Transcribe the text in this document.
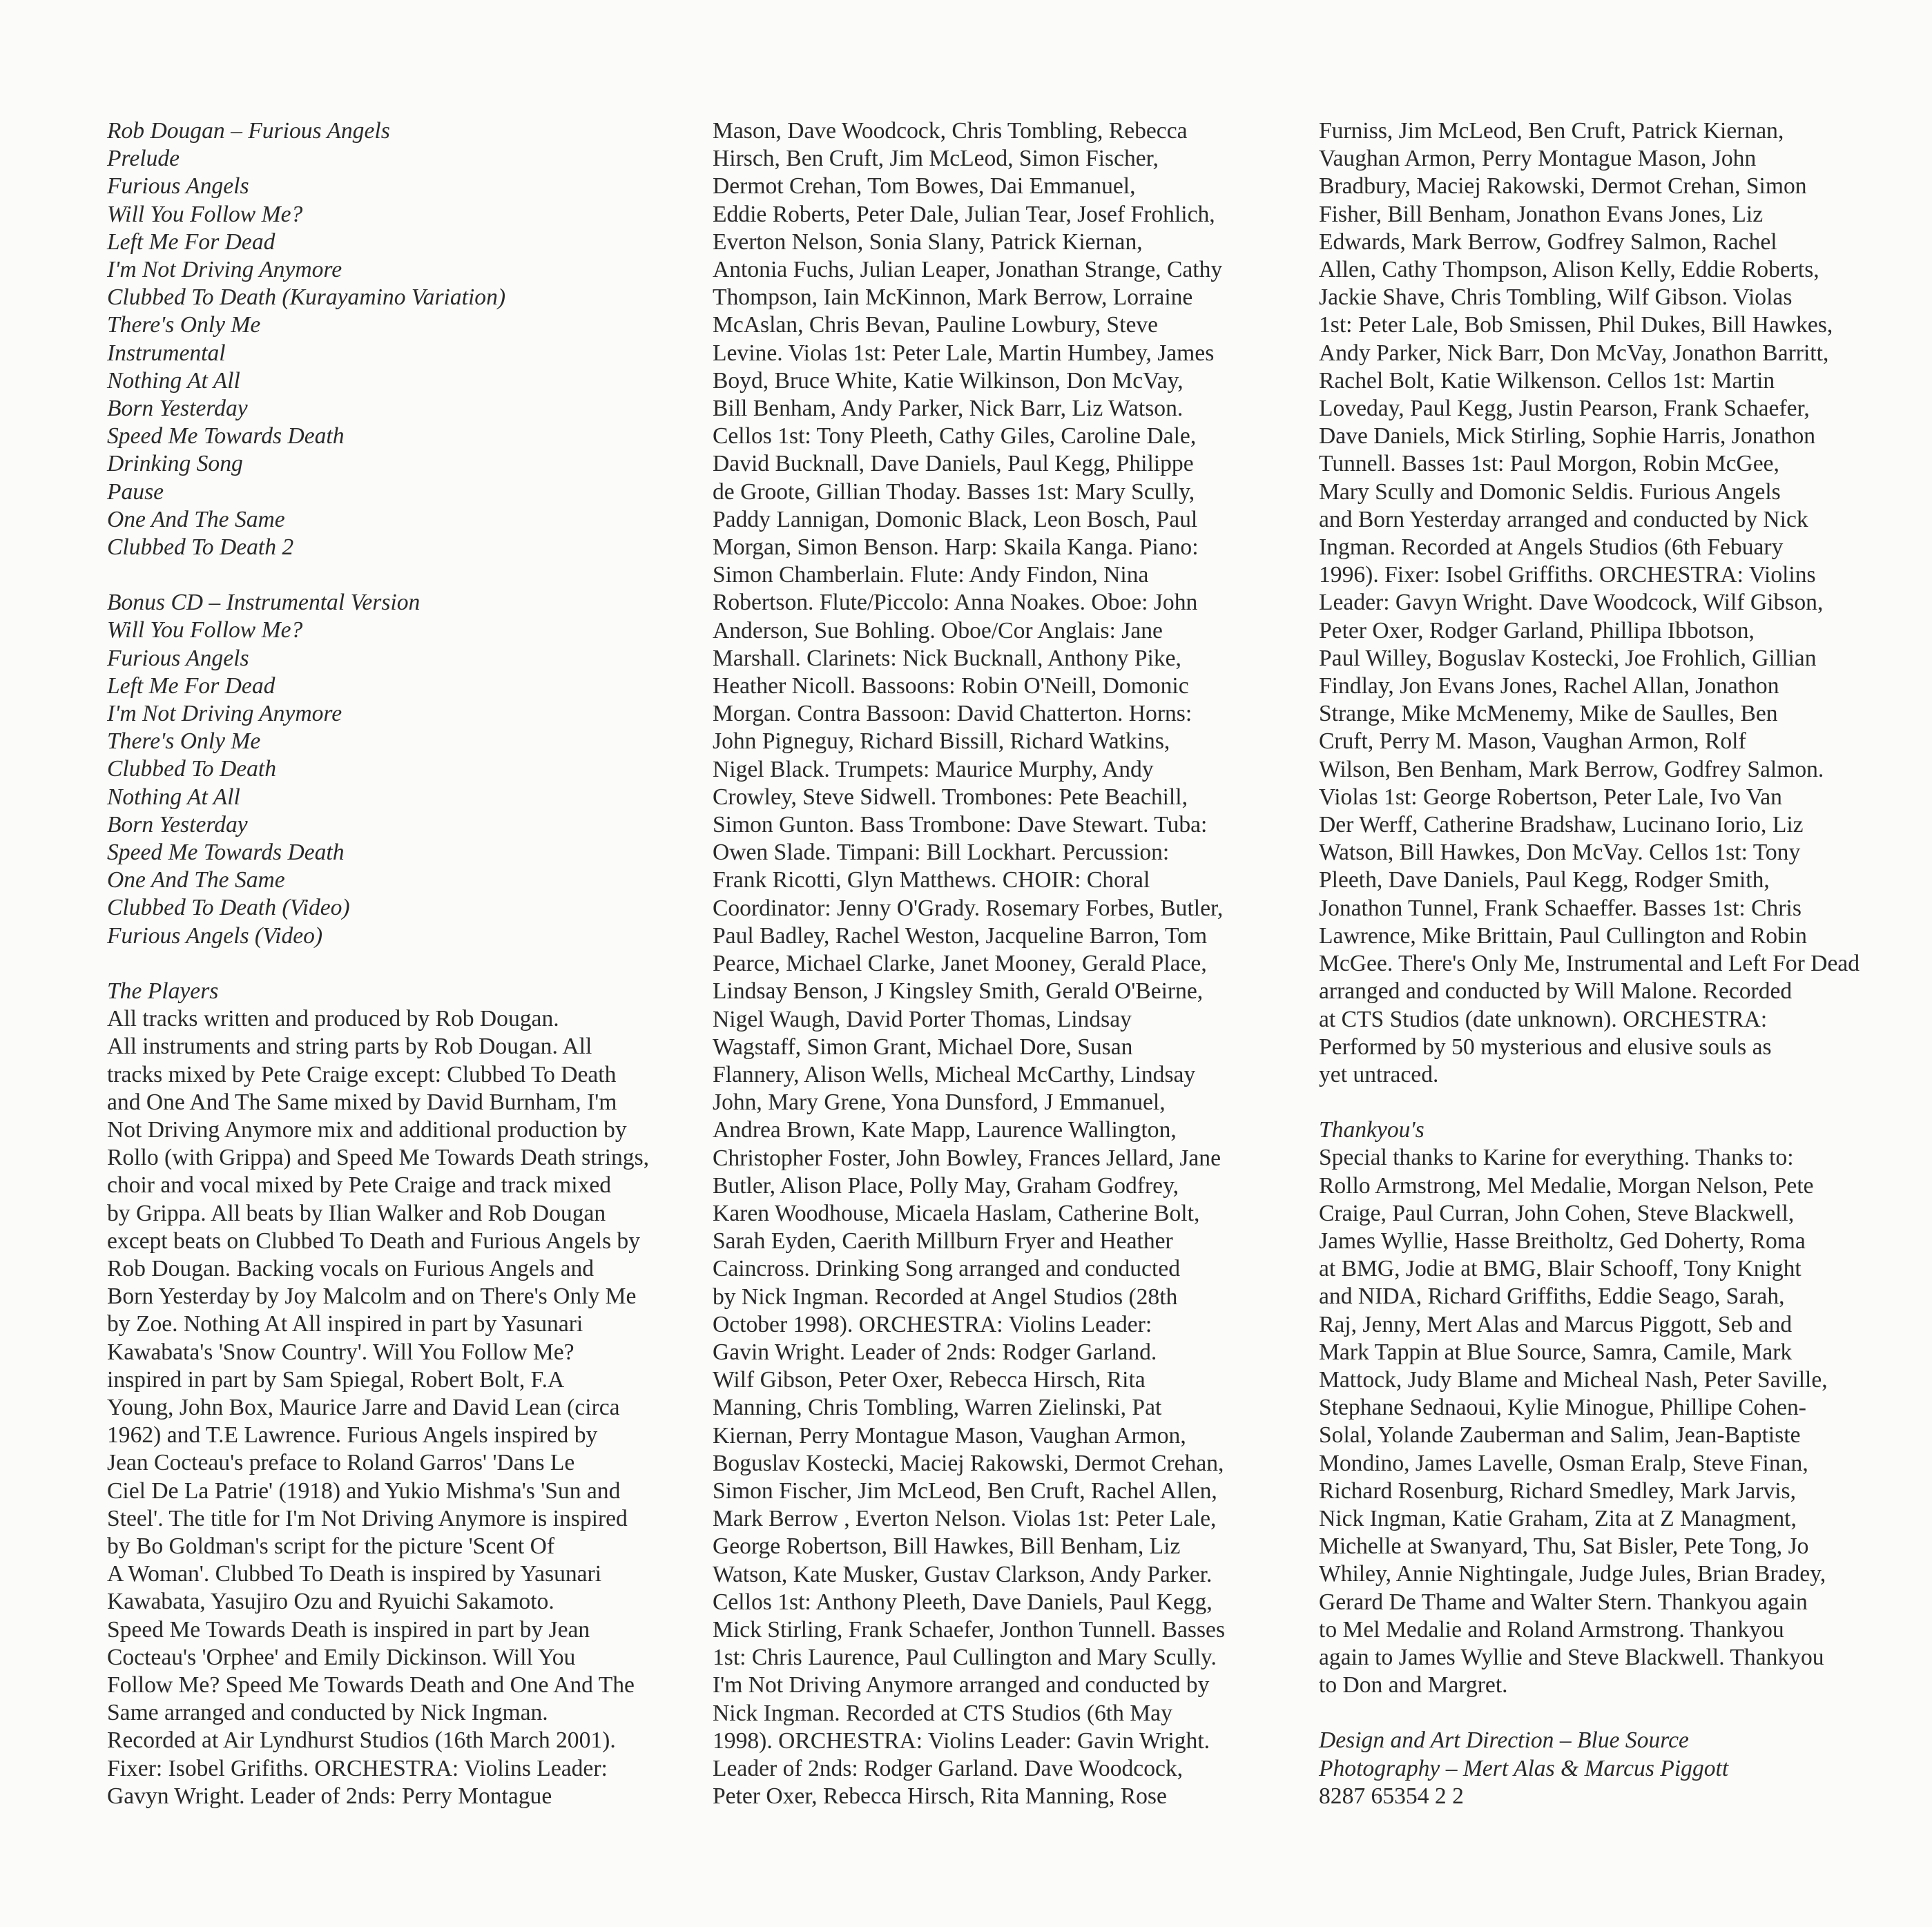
Rob Dougan – Furious Angels
Prelude
Furious Angels
Will You Follow Me?
Left Me For Dead
I'm Not Driving Anymore
Clubbed To Death (Kurayamino Variation)
There's Only Me
Instrumental
Nothing At All
Born Yesterday
Speed Me Towards Death
Drinking Song
Pause
One And The Same
Clubbed To Death 2
Bonus CD – Instrumental Version
Will You Follow Me?
Furious Angels
Left Me For Dead
I'm Not Driving Anymore
There's Only Me
Clubbed To Death
Nothing At All
Born Yesterday
Speed Me Towards Death
One And The Same
Clubbed To Death (Video)
Furious Angels (Video)
The Players
All tracks written and produced by Rob Dougan.
All instruments and string parts by Rob Dougan. All
tracks mixed by Pete Craige except: Clubbed To Death
and One And The Same mixed by David Burnham, I'm
Not Driving Anymore mix and additional production by
Rollo (with Grippa) and Speed Me Towards Death strings,
choir and vocal mixed by Pete Craige and track mixed
by Grippa. All beats by Ilian Walker and Rob Dougan
except beats on Clubbed To Death and Furious Angels by
Rob Dougan. Backing vocals on Furious Angels and
Born Yesterday by Joy Malcolm and on There's Only Me
by Zoe. Nothing At All inspired in part by Yasunari
Kawabata's 'Snow Country'. Will You Follow Me?
inspired in part by Sam Spiegal, Robert Bolt, F.A
Young, John Box, Maurice Jarre and David Lean (circa
1962) and T.E Lawrence. Furious Angels inspired by
Jean Cocteau's preface to Roland Garros' 'Dans Le
Ciel De La Patrie' (1918) and Yukio Mishma's 'Sun and
Steel'. The title for I'm Not Driving Anymore is inspired
by Bo Goldman's script for the picture 'Scent Of
A Woman'. Clubbed To Death is inspired by Yasunari
Kawabata, Yasujiro Ozu and Ryuichi Sakamoto.
Speed Me Towards Death is inspired in part by Jean
Cocteau's 'Orphee' and Emily Dickinson. Will You
Follow Me? Speed Me Towards Death and One And The
Same arranged and conducted by Nick Ingman.
Recorded at Air Lyndhurst Studios (16th March 2001).
Fixer: Isobel Grifiths. ORCHESTRA: Violins Leader:
Gavyn Wright. Leader of 2nds: Perry Montague
Mason, Dave Woodcock, Chris Tombling, Rebecca
Hirsch, Ben Cruft, Jim McLeod, Simon Fischer,
Dermot Crehan, Tom Bowes, Dai Emmanuel,
Eddie Roberts, Peter Dale, Julian Tear, Josef Frohlich,
Everton Nelson, Sonia Slany, Patrick Kiernan,
Antonia Fuchs, Julian Leaper, Jonathan Strange, Cathy
Thompson, Iain McKinnon, Mark Berrow, Lorraine
McAslan, Chris Bevan, Pauline Lowbury, Steve
Levine. Violas 1st: Peter Lale, Martin Humbey, James
Boyd, Bruce White, Katie Wilkinson, Don McVay,
Bill Benham, Andy Parker, Nick Barr, Liz Watson.
Cellos 1st: Tony Pleeth, Cathy Giles, Caroline Dale,
David Bucknall, Dave Daniels, Paul Kegg, Philippe
de Groote, Gillian Thoday. Basses 1st: Mary Scully,
Paddy Lannigan, Domonic Black, Leon Bosch, Paul
Morgan, Simon Benson. Harp: Skaila Kanga. Piano:
Simon Chamberlain. Flute: Andy Findon, Nina
Robertson. Flute/Piccolo: Anna Noakes. Oboe: John
Anderson, Sue Bohling. Oboe/Cor Anglais: Jane
Marshall. Clarinets: Nick Bucknall, Anthony Pike,
Heather Nicoll. Bassoons: Robin O'Neill, Domonic
Morgan. Contra Bassoon: David Chatterton. Horns:
John Pigneguy, Richard Bissill, Richard Watkins,
Nigel Black. Trumpets: Maurice Murphy, Andy
Crowley, Steve Sidwell. Trombones: Pete Beachill,
Simon Gunton. Bass Trombone: Dave Stewart. Tuba:
Owen Slade. Timpani: Bill Lockhart. Percussion:
Frank Ricotti, Glyn Matthews. CHOIR: Choral
Coordinator: Jenny O'Grady. Rosemary Forbes, Butler,
Paul Badley, Rachel Weston, Jacqueline Barron, Tom
Pearce, Michael Clarke, Janet Mooney, Gerald Place,
Lindsay Benson, J Kingsley Smith, Gerald O'Beirne,
Nigel Waugh, David Porter Thomas, Lindsay
Wagstaff, Simon Grant, Michael Dore, Susan
Flannery, Alison Wells, Micheal McCarthy, Lindsay
John, Mary Grene, Yona Dunsford, J Emmanuel,
Andrea Brown, Kate Mapp, Laurence Wallington,
Christopher Foster, John Bowley, Frances Jellard, Jane
Butler, Alison Place, Polly May, Graham Godfrey,
Karen Woodhouse, Micaela Haslam, Catherine Bolt,
Sarah Eyden, Caerith Millburn Fryer and Heather
Caincross. Drinking Song arranged and conducted
by Nick Ingman. Recorded at Angel Studios (28th
October 1998). ORCHESTRA: Violins Leader:
Gavin Wright. Leader of 2nds: Rodger Garland.
Wilf Gibson, Peter Oxer, Rebecca Hirsch, Rita
Manning, Chris Tombling, Warren Zielinski, Pat
Kiernan, Perry Montague Mason, Vaughan Armon,
Boguslav Kostecki, Maciej Rakowski, Dermot Crehan,
Simon Fischer, Jim McLeod, Ben Cruft, Rachel Allen,
Mark Berrow , Everton Nelson. Violas 1st: Peter Lale,
George Robertson, Bill Hawkes, Bill Benham, Liz
Watson, Kate Musker, Gustav Clarkson, Andy Parker.
Cellos 1st: Anthony Pleeth, Dave Daniels, Paul Kegg,
Mick Stirling, Frank Schaefer, Jonthon Tunnell. Basses
1st: Chris Laurence, Paul Cullington and Mary Scully.
I'm Not Driving Anymore arranged and conducted by
Nick Ingman. Recorded at CTS Studios (6th May
1998). ORCHESTRA: Violins Leader: Gavin Wright.
Leader of 2nds: Rodger Garland. Dave Woodcock,
Peter Oxer, Rebecca Hirsch, Rita Manning, Rose
Furniss, Jim McLeod, Ben Cruft, Patrick Kiernan,
Vaughan Armon, Perry Montague Mason, John
Bradbury, Maciej Rakowski, Dermot Crehan, Simon
Fisher, Bill Benham, Jonathon Evans Jones, Liz
Edwards, Mark Berrow, Godfrey Salmon, Rachel
Allen, Cathy Thompson, Alison Kelly, Eddie Roberts,
Jackie Shave, Chris Tombling, Wilf Gibson. Violas
1st: Peter Lale, Bob Smissen, Phil Dukes, Bill Hawkes,
Andy Parker, Nick Barr, Don McVay, Jonathon Barritt,
Rachel Bolt, Katie Wilkenson. Cellos 1st: Martin
Loveday, Paul Kegg, Justin Pearson, Frank Schaefer,
Dave Daniels, Mick Stirling, Sophie Harris, Jonathon
Tunnell. Basses 1st: Paul Morgon, Robin McGee,
Mary Scully and Domonic Seldis. Furious Angels
and Born Yesterday arranged and conducted by Nick
Ingman. Recorded at Angels Studios (6th Febuary
1996). Fixer: Isobel Griffiths. ORCHESTRA: Violins
Leader: Gavyn Wright. Dave Woodcock, Wilf Gibson,
Peter Oxer, Rodger Garland, Phillipa Ibbotson,
Paul Willey, Boguslav Kostecki, Joe Frohlich, Gillian
Findlay, Jon Evans Jones, Rachel Allan, Jonathon
Strange, Mike McMenemy, Mike de Saulles, Ben
Cruft, Perry M. Mason, Vaughan Armon, Rolf
Wilson, Ben Benham, Mark Berrow, Godfrey Salmon.
Violas 1st: George Robertson, Peter Lale, Ivo Van
Der Werff, Catherine Bradshaw, Lucinano Iorio, Liz
Watson, Bill Hawkes, Don McVay. Cellos 1st: Tony
Pleeth, Dave Daniels, Paul Kegg, Rodger Smith,
Jonathon Tunnel, Frank Schaeffer. Basses 1st: Chris
Lawrence, Mike Brittain, Paul Cullington and Robin
McGee. There's Only Me, Instrumental and Left For Dead
arranged and conducted by Will Malone. Recorded
at CTS Studios (date unknown). ORCHESTRA:
Performed by 50 mysterious and elusive souls as
yet untraced.
Thankyou's
Special thanks to Karine for everything. Thanks to:
Rollo Armstrong, Mel Medalie, Morgan Nelson, Pete
Craige, Paul Curran, John Cohen, Steve Blackwell,
James Wyllie, Hasse Breitholtz, Ged Doherty, Roma
at BMG, Jodie at BMG, Blair Schooff, Tony Knight
and NIDA, Richard Griffiths, Eddie Seago, Sarah,
Raj, Jenny, Mert Alas and Marcus Piggott, Seb and
Mark Tappin at Blue Source, Samra, Camile, Mark
Mattock, Judy Blame and Micheal Nash, Peter Saville,
Stephane Sednaoui, Kylie Minogue, Phillipe Cohen-
Solal, Yolande Zauberman and Salim, Jean-Baptiste
Mondino, James Lavelle, Osman Eralp, Steve Finan,
Richard Rosenburg, Richard Smedley, Mark Jarvis,
Nick Ingman, Katie Graham, Zita at Z Managment,
Michelle at Swanyard, Thu, Sat Bisler, Pete Tong, Jo
Whiley, Annie Nightingale, Judge Jules, Brian Bradey,
Gerard De Thame and Walter Stern. Thankyou again
to Mel Medalie and Roland Armstrong. Thankyou
again to James Wyllie and Steve Blackwell. Thankyou
to Don and Margret.
Design and Art Direction – Blue Source
Photography – Mert Alas & Marcus Piggott
8287 65354 2 2
